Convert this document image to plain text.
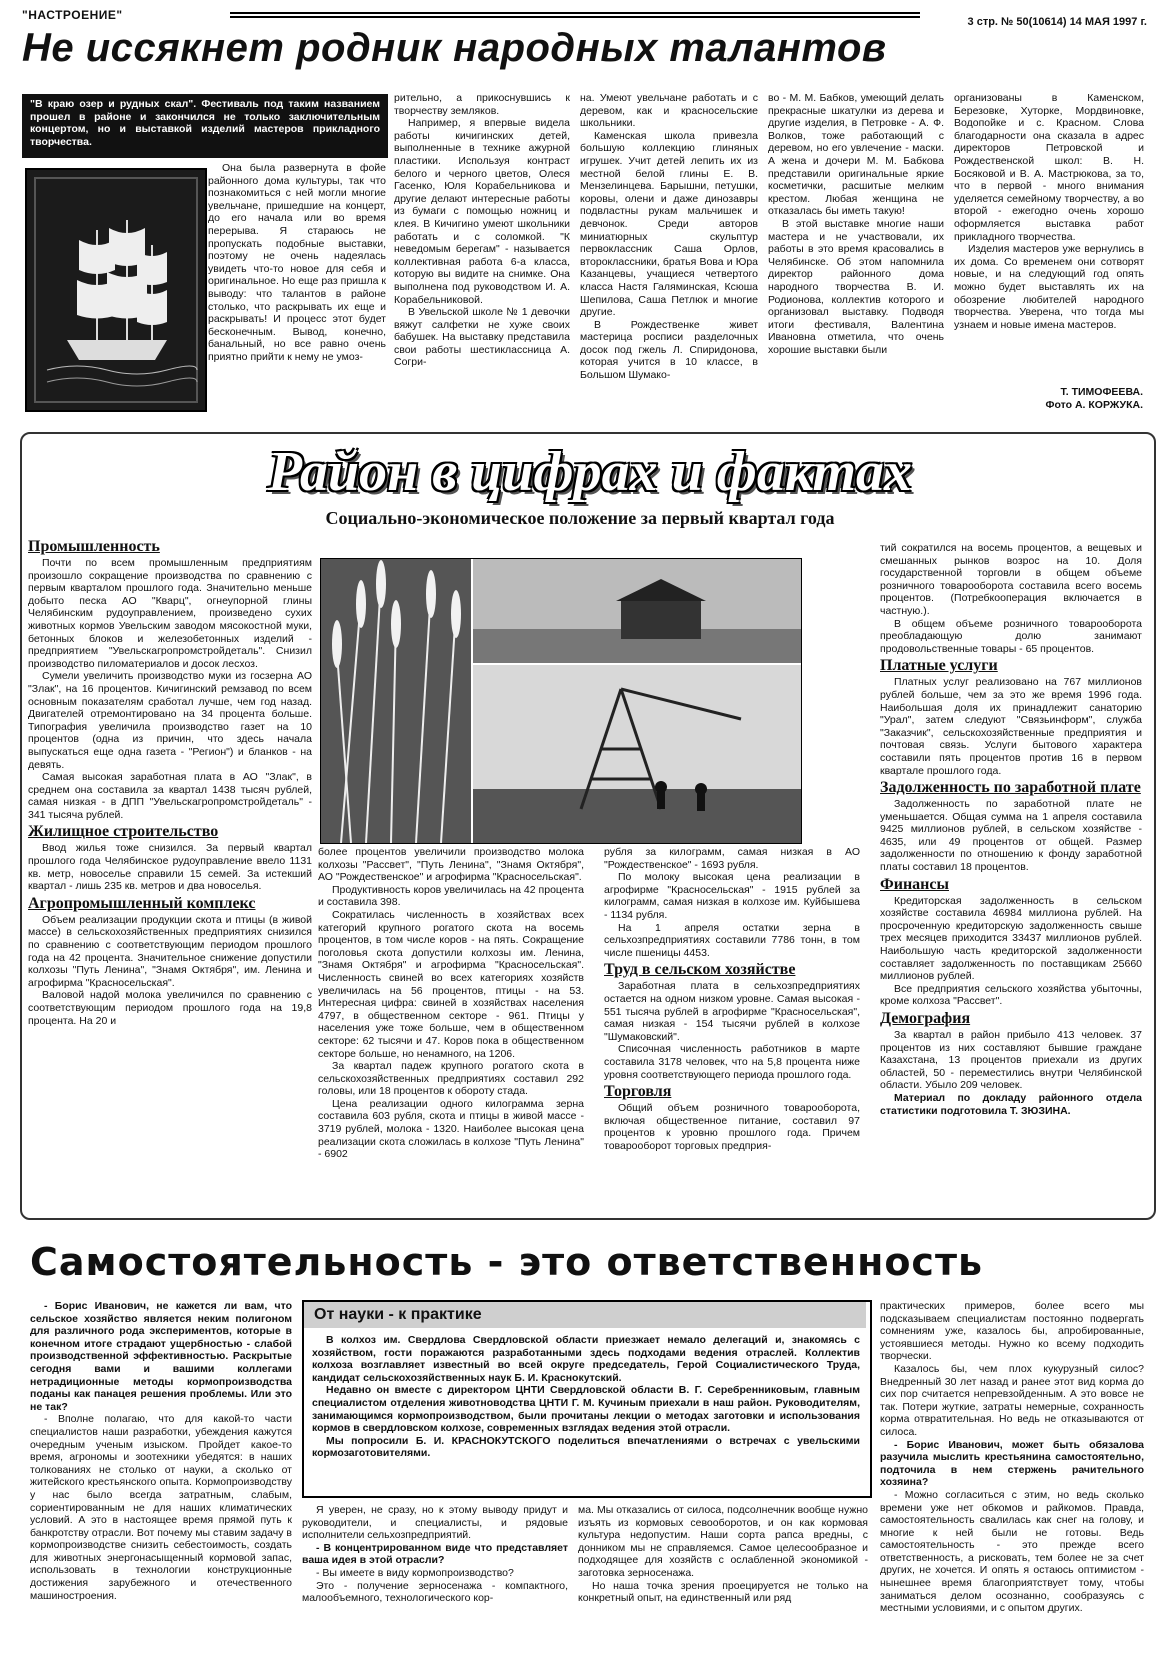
"НАСТРОЕНИЕ"	3 стр. № 50(10614) 14 МАЯ 1997 г.
Не иссякнет родник народных талантов
"В краю озер и рудных скал". Фестиваль под таким названием прошел в районе и закончился не только заключительным концертом, но и выставкой изделий мастеров прикладного творчества.

Она была развернута в фойе районного дома культуры, так что познакомиться с ней могли многие увельчане, пришедшие на концерт, до его начала или во время перерыва. Я стараюсь не пропускать подобные выставки, поэтому не очень надеялась увидеть что-то новое для себя и оригинальное. Но еще раз пришла к выводу: что талантов в районе столько, что раскрывать их еще и раскрывать! И процесс этот будет бесконечным. Вывод, конечно, банальный, но все равно очень приятно прийти к нему не умоз-

рительно, а прикоснувшись к творчеству земляков.

Например, я впервые видела работы кичигинских детей, выполненные в технике ажурной пластики. Используя контраст белого и черного цветов, Олеся Гасенко, Юля Корабельникова и другие делают интересные работы из бумаги с помощью ножниц и клея. В Кичигино умеют школьники работать и с соломкой. "К неведомым берегам" - называется коллективная работа 6-а класса, которую вы видите на снимке. Она выполнена под руководством И. А. Корабельниковой.

В Увельской школе № 1 девочки вяжут салфетки не хуже своих бабушек. На выставку представила свои работы шестиклассница А. Согри-

на. Умеют увельчане работать и с деревом, как и красносельские школьники.

Каменская школа привезла большую коллекцию глиняных игрушек. Учит детей лепить их из местной белой глины Е. В. Мензелинцева. Барышни, петушки, коровы, олени и даже динозавры подвластны рукам мальчишек и девчонок. Среди авторов миниатюрных скульптур первоклассник Саша Орлов, второклассники, братья Вова и Юра Казанцевы, учащиеся четвертого класса Настя Галяминская, Ксюша Шепилова, Саша Петлюк и многие другие.

В Рождественке живет мастерица росписи разделочных досок под гжель Л. Спиридонова, которая учится в 10 классе, в Большом Шумако-

во - М. М. Бабков, умеющий делать прекрасные шкатулки из дерева и другие изделия, в Петровке - А. Ф. Волков, тоже работающий с деревом, но его увлечение - маски. А жена и дочери М. М. Бабкова представили оригинальные яркие косметички, расшитые мелким крестом. Любая женщина не отказалась бы иметь такую!

В этой выставке многие наши мастера и не участвовали, их работы в это время красовались в Челябинске. Об этом напомнила директор районного дома народного творчества В. И. Родионова, коллектив которого и организовал выставку. Подводя итоги фестиваля, Валентина Ивановна отметила, что очень хорошие выставки были

организованы в Каменском, Березовке, Хуторке, Мордвиновке, Водопойке и с. Красном. Слова благодарности она сказала в адрес директоров Петровской и Рождественской школ: В. Н. Босяковой и В. А. Мастрюкова, за то, что в первой - много внимания уделяется семейному творчеству, а во второй - ежегодно очень хорошо оформляется выставка работ прикладного творчества.

Изделия мастеров уже вернулись в их дома. Со временем они сотворят новые, и на следующий год опять можно будет выставлять их на обозрение любителей народного творчества. Уверена, что тогда мы узнаем и новые имена мастеров.

Т. ТИМОФЕЕВА.
Фото А. КОРЖУКА.
Район в цифрах и фактах
Социально-экономическое положение за первый квартал года

Промышленность

Почти по всем промышленным предприятиям произошло сокращение производства по сравнению с первым кварталом прошлого года. Значительно меньше добыто песка АО "Кварц", огнеупорной глины Челябинским рудоуправлением, произведено сухих животных кормов Увельским заводом мясокостной муки, бетонных блоков и железобетонных изделий - предприятием "Увельскагропромстройдеталь". Снизил производство пиломатериалов и досок лесхоз.

Сумели увеличить производство муки из госзерна АО "Злак", на 16 процентов. Кичигинский ремзавод по всем основным показателям сработал лучше, чем год назад. Двигателей отремонтировано на 34 процента больше. Типография увеличила производство газет на 10 процентов (одна из причин, что здесь начала выпускаться еще одна газета - "Регион") и бланков - на девять.

Самая высокая заработная плата в АО "Злак", в среднем она составила за квартал 1438 тысяч рублей, самая низкая - в ДПП "Увельскагропромстройдеталь" - 341 тысяча рублей.

Жилищное строительство

Ввод жилья тоже снизился. За первый квартал прошлого года Челябинское рудоуправление ввело 1131 кв. метр, новоселье справили 15 семей. За истекший квартал - лишь 235 кв. метров и два новоселья.

Агропромышленный комплекс

Объем реализации продукции скота и птицы (в живой массе) в сельскохозяйственных предприятиях снизился по сравнению с соответствующим периодом прошлого года на 42 процента. Значительное снижение допустили колхозы "Путь Ленина", "Знамя Октября", им. Ленина и агрофирма "Красносельская".

Валовой надой молока увеличился по сравнению с соответствующим периодом прошлого года на 19,8 процента. На 20 и

более процентов увеличили производство молока колхозы "Рассвет", "Путь Ленина", "Знамя Октября", АО "Рождественское" и агрофирма "Красносельская".

Продуктивность коров увеличилась на 42 процента и составила 398.

Сократилась численность в хозяйствах всех категорий крупного рогатого скота на восемь процентов, в том числе коров - на пять. Сокращение поголовья скота допустили колхозы им. Ленина, "Знамя Октября" и агрофирма "Красносельская". Численность свиней во всех категориях хозяйств увеличилась на 56 процентов, птицы - на 53. Интересная цифра: свиней в хозяйствах населения 4797, в общественном секторе - 961. Птицы у населения уже тоже больше, чем в общественном секторе: 62 тысячи и 47. Коров пока в общественном секторе больше, но ненамного, на 1206.

За квартал падеж крупного рогатого скота в сельскохозяйственных предприятиях составил 292 головы, или 18 процентов к обороту стада.

Цена реализации одного килограмма зерна составила 603 рубля, скота и птицы в живой массе - 3719 рублей, молока - 1320. Наиболее высокая цена реализации скота сложилась в колхозе "Путь Ленина" - 6902

рубля за килограмм, самая низкая в АО "Рождественское" - 1693 рубля.

По молоку высокая цена реализации в агрофирме "Красносельская" - 1915 рублей за килограмм, самая низкая в колхозе им. Куйбышева - 1134 рубля.

На 1 апреля остатки зерна в сельхозпредприятиях составили 7786 тонн, в том числе пшеницы 4453.

Труд в сельском хозяйстве

Заработная плата в сельхозпредприятиях остается на одном низком уровне. Самая высокая - 551 тысяча рублей в агрофирме "Красносельская", самая низкая - 154 тысячи рублей в колхозе "Шумаковский".

Списочная численность работников в марте составила 3178 человек, что на 5,8 процента ниже уровня соответствующего периода прошлого года.

Торговля

Общий объем розничного товарооборота, включая общественное питание, составил 97 процентов к уровню прошлого года. Причем товарооборот торговых предприя-

тий сократился на восемь процентов, а вещевых и смешанных рынков возрос на 10. Доля государственной торговли в общем объеме розничного товарооборота составила всего восемь процентов. (Потребкооперация включается в частную.).

В общем объеме розничного товарооборота преобладающую долю занимают продовольственные товары - 65 процентов.

Платные услуги

Платных услуг реализовано на 767 миллионов рублей больше, чем за это же время 1996 года. Наибольшая доля их принадлежит санаторию "Урал", затем следуют "Связьинформ", служба "Заказчик", сельскохозяйственные предприятия и почтовая связь. Услуги бытового характера составили пять процентов против 16 в первом квартале прошлого года.

Задолженность по заработной плате

Задолженность по заработной плате не уменьшается. Общая сумма на 1 апреля составила 9425 миллионов рублей, в сельском хозяйстве - 4635, или 49 процентов от общей. Размер задолженности по отношению к фонду заработной платы составил 18 процентов.

Финансы

Кредиторская задолженность в сельском хозяйстве составила 46984 миллиона рублей. На просроченную кредиторскую задолженность свыше трех месяцев приходится 33437 миллионов рублей. Наибольшую часть кредиторской задолженности составляет задолженность по поставщикам 25660 миллионов рублей.

Все предприятия сельского хозяйства убыточны, кроме колхоза "Рассвет".

Демография

За квартал в район прибыло 413 человек. 37 процентов из них составляют бывшие граждане Казахстана, 13 процентов приехали из других областей, 50 - переместились внутри Челябинской области. Убыло 209 человек.

Материал по докладу районного отдела статистики подготовила Т. ЗЮЗИНА.

Самостоятельность - это ответственность

- Борис Иванович, не кажется ли вам, что сельское хозяйство является неким полигоном для различного рода экспериментов, которые в конечном итоге страдают ущербностью - слабой производственной эффективностью. Раскрытые сегодня вами и вашими коллегами нетрадиционные методы кормопроизводства поданы как панацея решения проблемы. Или это не так?

- Вполне полагаю, что для какой-то части специалистов наши разработки, убеждения кажутся очередным ученым изыском. Пройдет какое-то время, агрономы и зоотехники убедятся: в наших толкованиях не столько от науки, а сколько от житейского крестьянского опыта. Кормопроизводству у нас было всегда затратным, слабым, сориентированным не для наших климатических условий. А это в настоящее время прямой путь к банкротству отрасли. Вот почему мы ставим задачу в кормопроизводстве снизить себестоимость, создать для животных энергонасыщенный кормовой запас, использовать в технологии конструкционные достижения зарубежного и отечественного машиностроения.

От науки - к практике

В колхоз им. Свердлова Свердловской области приезжает немало делегаций и, знакомясь с хозяйством, гости поражаются разработанными здесь подходами ведения отраслей. Коллектив колхоза возглавляет известный во всей округе председатель, Герой Социалистического Труда, кандидат сельскохозяйственных наук Б. И. Краснокутский.

Недавно он вместе с директором ЦНТИ Свердловской области В. Г. Серебренниковым, главным специалистом отделения животноводства ЦНТИ Г. М. Кучиным приехали в наш район. Руководителям, занимающимся кормопроизводством, были прочитаны лекции о методах заготовки и использования кормов в свердловском колхозе, современных взглядах ведения этой отрасли.

Мы попросили Б. И. КРАСНОКУТСКОГО поделиться впечатлениями о встречах с увельскими кормозаготовителями.

Я уверен, не сразу, но к этому выводу придут и руководители, и специалисты, и рядовые исполнители сельхозпредприятий.

- В концентрированном виде что представляет ваша идея в этой отрасли?

- Вы имеете в виду кормопроизводство?

Это - получение зерносенажа - компактного, малообъемного, технологического кор-

ма. Мы отказались от силоса, подсолнечник вообще нужно изъять из кормовых севооборотов, и он как кормовая культура недопустим. Наши сорта рапса вредны, с донником мы не справляемся. Самое целесообразное и подходящее для хозяйств с ослабленной экономикой - заготовка зерносенажа.

Но наша точка зрения проецируется не только на конкретный опыт, на единственный или ряд

практических примеров, более всего мы подсказываем специалистам постоянно подвергать сомнениям уже, казалось бы, апробированные, устоявшиеся методы. Нужно ко всему подходить творчески.

Казалось бы, чем плох кукурузный силос? Внедренный 30 лет назад и ранее этот вид корма до сих пор считается непревзойденным. А это вовсе не так. Потери жуткие, затраты немерные, сохранность корма отвратительная. Но ведь не отказываются от силоса.

- Борис Иванович, может быть обязалова разучила мыслить крестьянина самостоятельно, подточила в нем стержень рачительного хозяина?

- Можно согласиться с этим, но ведь сколько времени уже нет обкомов и райкомов. Правда, самостоятельность свалилась как снег на голову, и многие к ней были не готовы. Ведь самостоятельность - это прежде всего ответственность, а рисковать, тем более не за счет других, не хочется. И опять я остаюсь оптимистом - нынешнее время благоприятствует тому, чтобы заниматься делом осознанно, сообразуясь с местными условиями, и с опытом других.
